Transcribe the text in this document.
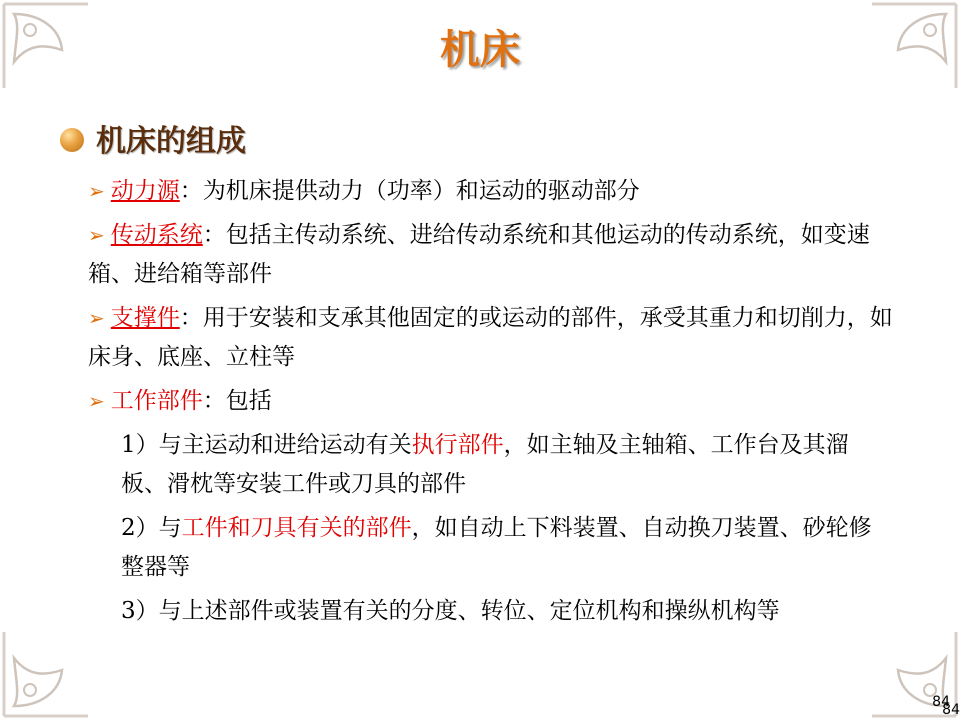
机床
机床的组成
➢ 动力源：为机床提供动力（功率）和运动的驱动部分
➢ 传动系统：包括主传动系统、进给传动系统和其他运动的传动系统，如变速箱、进给箱等部件
➢ 支撑件：用于安装和支承其他固定的或运动的部件，承受其重力和切削力，如床身、底座、立柱等
➢ 工作部件：包括
1）与主运动和进给运动有关执行部件，如主轴及主轴箱、工作台及其溜板、滑枕等安装工件或刀具的部件
2）与工件和刀具有关的部件，如自动上下料装置、自动换刀装置、砂轮修整器等
3）与上述部件或装置有关的分度、转位、定位机构和操纵机构等
84
84
